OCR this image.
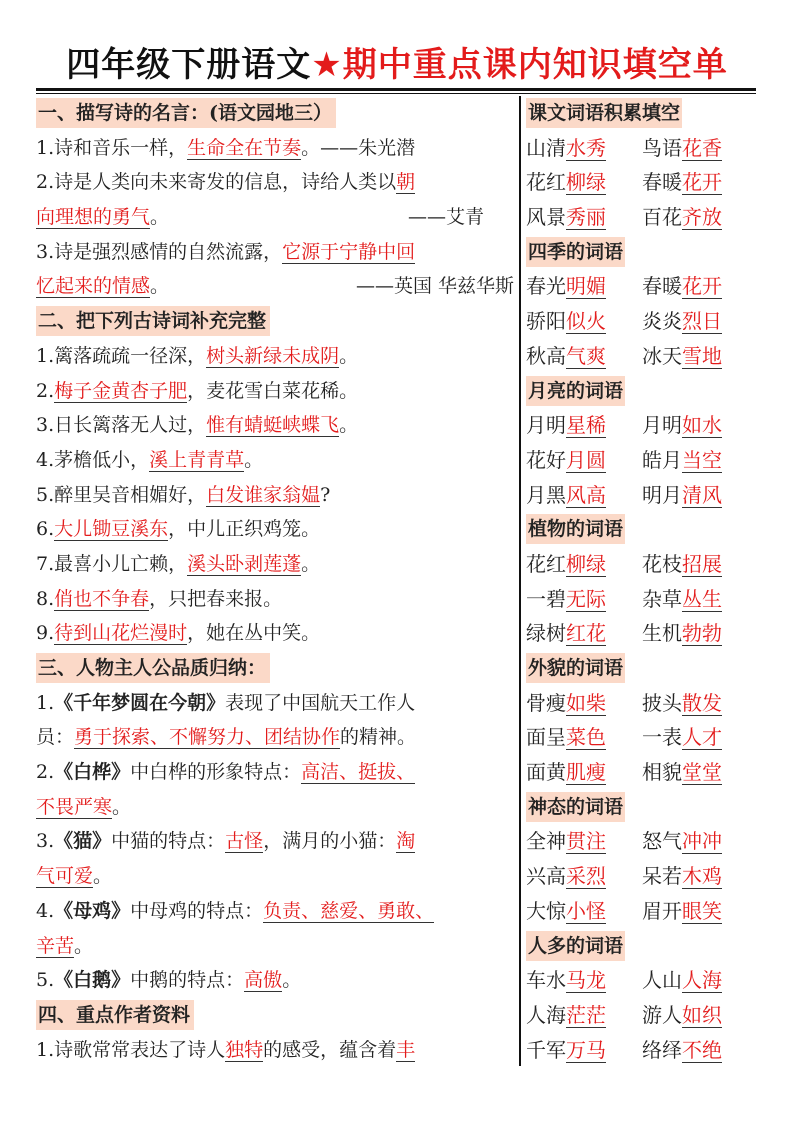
四年级下册语文★期中重点课内知识填空单
一、描写诗的名言：(语文园地三）
1.诗和音乐一样，生命全在节奏。——朱光潜
2.诗是人类向未来寄发的信息，诗给人类以朝
向理想的勇气。	——艾青
3.诗是强烈感情的自然流露，它源于宁静中回
忆起来的情感。	——英国 华兹华斯
二、把下列古诗词补充完整
1.篱落疏疏一径深，树头新绿未成阴。
2.梅子金黄杏子肥，麦花雪白菜花稀。
3.日长篱落无人过，惟有蜻蜓峡蝶飞。
4.茅檐低小，溪上青青草。
5.醉里吴音相媚好，白发谁家翁媪?
6.大儿锄豆溪东，中儿正织鸡笼。
7.最喜小儿亡赖，溪头卧剥莲蓬。
8.俏也不争春，只把春来报。
9.待到山花烂漫时，她在丛中笑。
三、人物主人公品质归纳：
1.《千年梦圆在今朝》表现了中国航天工作人
员：勇于探索、不懈努力、团结协作的精神。
2.《白桦》中白桦的形象特点：高洁、挺拔、
不畏严寒。
3.《猫》中猫的特点：古怪，满月的小猫：淘
气可爱。
4.《母鸡》中母鸡的特点：负责、慈爱、勇敢、
辛苦。
5.《白鹅》中鹅的特点：高傲。
四、重点作者资料
1.诗歌常常表达了诗人独特的感受，蕴含着丰
课文词语积累填空
山清水秀	鸟语花香
花红柳绿	春暖花开
风景秀丽	百花齐放
四季的词语
春光明媚	春暖花开
骄阳似火	炎炎烈日
秋高气爽	冰天雪地
月亮的词语
月明星稀	月明如水
花好月圆	皓月当空
月黑风高	明月清风
植物的词语
花红柳绿	花枝招展
一碧无际	杂草丛生
绿树红花	生机勃勃
外貌的词语
骨瘦如柴	披头散发
面呈菜色	一表人才
面黄肌瘦	相貌堂堂
神态的词语
全神贯注	怒气冲冲
兴高采烈	呆若木鸡
大惊小怪	眉开眼笑
人多的词语
车水马龙	人山人海
人海茫茫	游人如织
千军万马	络绎不绝
